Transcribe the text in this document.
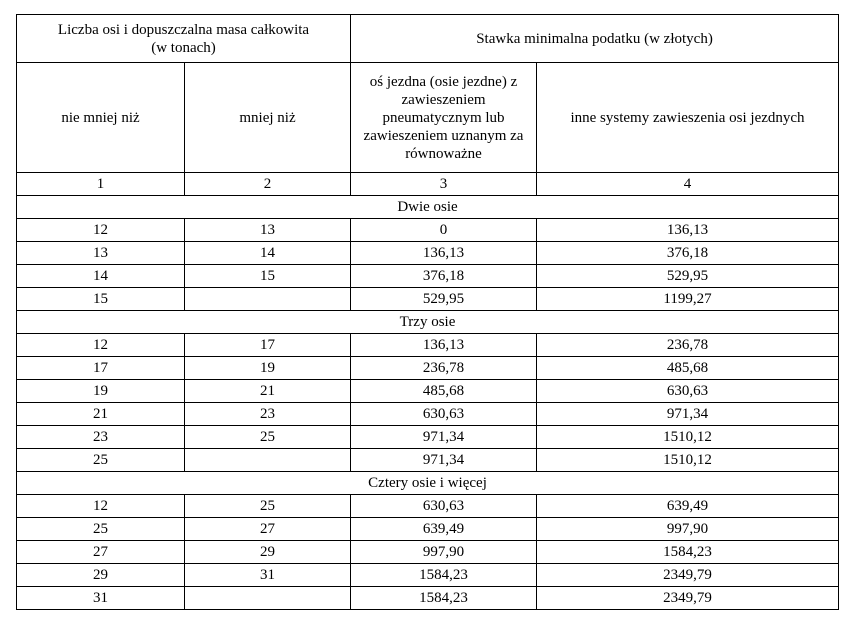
Liczba osi i dopuszczalna masa całkowita (w tonach)		Stawka minimalna podatku (w złotych)	
nie mniej niż	mniej niż	oś jezdna (osie jezdne) z zawieszeniem pneumatycznym lub zawieszeniem uznanym za równoważne	inne systemy zawieszenia osi jezdnych
1	2	3	4
Dwie osie			
12	13	0	136,13
13	14	136,13	376,18
14	15	376,18	529,95
15		529,95	1199,27
Trzy osie			
12	17	136,13	236,78
17	19	236,78	485,68
19	21	485,68	630,63
21	23	630,63	971,34
23	25	971,34	1510,12
25		971,34	1510,12
Cztery osie i więcej			
12	25	630,63	639,49
25	27	639,49	997,90
27	29	997,90	1584,23
29	31	1584,23	2349,79
31		1584,23	2349,79
